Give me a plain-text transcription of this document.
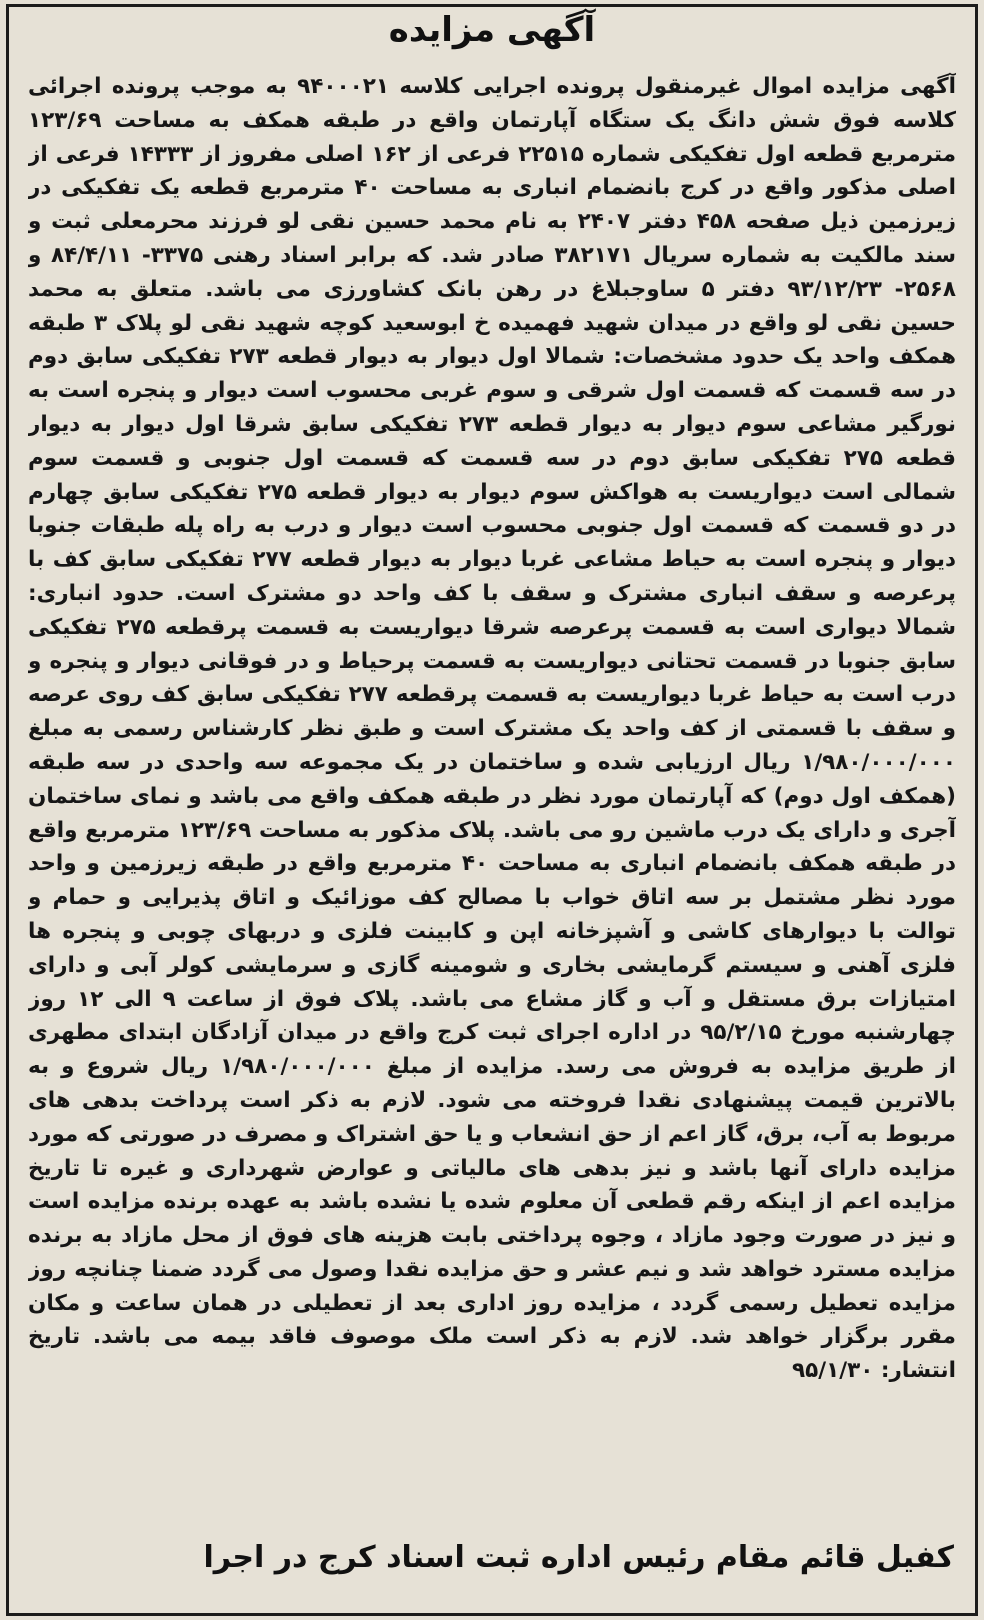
آگهی مزایده
آگهی مزایده اموال غیرمنقول پرونده اجرایی کلاسه ۹۴۰۰۰۲۱ به موجب پرونده اجرائی کلاسه فوق شش دانگ یک ستگاه آپارتمان واقع در طبقه همکف به مساحت ۱۲۳/۶۹ مترمربع قطعه اول تفکیکی شماره ۲۲۵۱۵ فرعی از ۱۶۲ اصلی مفروز از ۱۴۳۳۳ فرعی از اصلی مذکور واقع در کرج بانضمام انباری به مساحت ۴۰ مترمربع قطعه یک تفکیکی در زیرزمین ذیل صفحه ۴۵۸ دفتر ۲۴۰۷ به نام محمد حسین نقی لو فرزند محرمعلی ثبت و سند مالکیت به شماره سریال ۳۸۲۱۷۱ صادر شد. که برابر اسناد رهنی ۳۳۷۵- ۸۴/۴/۱۱ و ۲۵۶۸- ۹۳/۱۲/۲۳ دفتر ۵ ساوجبلاغ در رهن بانک کشاورزی می باشد. متعلق به محمد حسین نقی لو واقع در میدان شهید فهمیده خ ابوسعید کوچه شهید نقی لو پلاک ۳ طبقه همکف واحد یک حدود مشخصات: شمالا اول دیوار به دیوار قطعه ۲۷۳ تفکیکی سابق دوم در سه قسمت که قسمت اول شرقی و سوم غربی محسوب است دیوار و پنجره است به نورگیر مشاعی سوم دیوار به دیوار قطعه ۲۷۳ تفکیکی سابق شرقا اول دیوار به دیوار قطعه ۲۷۵ تفکیکی سابق دوم در سه قسمت که قسمت اول جنوبی و قسمت سوم شمالی است دیواریست به هواکش سوم دیوار به دیوار قطعه ۲۷۵ تفکیکی سابق چهارم در دو قسمت که قسمت اول جنوبی محسوب است دیوار و درب به راه پله طبقات جنوبا دیوار و پنجره است به حیاط مشاعی غربا دیوار به دیوار قطعه ۲۷۷ تفکیکی سابق کف با پرعرصه و سقف انباری مشترک و سقف با کف واحد دو مشترک است. حدود انباری: شمالا دیواری است به قسمت پرعرصه شرقا دیواریست به قسمت پرقطعه ۲۷۵ تفکیکی سابق جنوبا در قسمت تحتانی دیواریست به قسمت پرحیاط و در فوقانی دیوار و پنجره و درب است به حیاط غربا دیواریست به قسمت پرقطعه ۲۷۷ تفکیکی سابق کف روی عرصه و سقف با قسمتی از کف واحد یک مشترک است و طبق نظر کارشناس رسمی به مبلغ ۱/۹۸۰/۰۰۰/۰۰۰ ریال ارزیابی شده و ساختمان در یک مجموعه سه واحدی در سه طبقه (همکف اول دوم) که آپارتمان مورد نظر در طبقه همکف واقع می باشد و نمای ساختمان آجری و دارای یک درب ماشین رو می باشد. پلاک مذکور به مساحت ۱۲۳/۶۹ مترمربع واقع در طبقه همکف بانضمام انباری به مساحت ۴۰ مترمربع واقع در طبقه زیرزمین و واحد مورد نظر مشتمل بر سه اتاق خواب با مصالح کف موزائیک و اتاق پذیرایی و حمام و توالت با دیوارهای کاشی و آشپزخانه اپن و کابینت فلزی و دربهای چوبی و پنجره ها فلزی آهنی و سیستم گرمایشی بخاری و شومینه گازی و سرمایشی کولر آبی و دارای امتیازات برق مستقل و آب و گاز مشاع می باشد. پلاک فوق از ساعت ۹ الی ۱۲ روز چهارشنبه مورخ ۹۵/۲/۱۵ در اداره اجرای ثبت کرج واقع در میدان آزادگان ابتدای مطهری از طریق مزایده به فروش می رسد. مزایده از مبلغ ۱/۹۸۰/۰۰۰/۰۰۰ ریال شروع و به بالاترین قیمت پیشنهادی نقدا فروخته می شود. لازم به ذکر است پرداخت بدهی های مربوط به آب، برق، گاز اعم از حق انشعاب و یا حق اشتراک و مصرف در صورتی که مورد مزایده دارای آنها باشد و نیز بدهی های مالیاتی و عوارض شهرداری و غیره تا تاریخ مزایده اعم از اینکه رقم قطعی آن معلوم شده یا نشده باشد به عهده برنده مزایده است و نیز در صورت وجود مازاد ، وجوه پرداختی بابت هزینه های فوق از محل مازاد به برنده مزایده مسترد خواهد شد و نیم عشر و حق مزایده نقدا وصول می گردد ضمنا چنانچه روز مزایده تعطیل رسمی گردد ، مزایده روز اداری بعد از تعطیلی در همان ساعت و مکان مقرر برگزار خواهد شد. لازم به ذکر است ملک موصوف فاقد بیمه می باشد. تاریخ انتشار: ۹۵/۱/۳۰
کفیل قائم مقام رئیس اداره ثبت اسناد کرج در اجرا
